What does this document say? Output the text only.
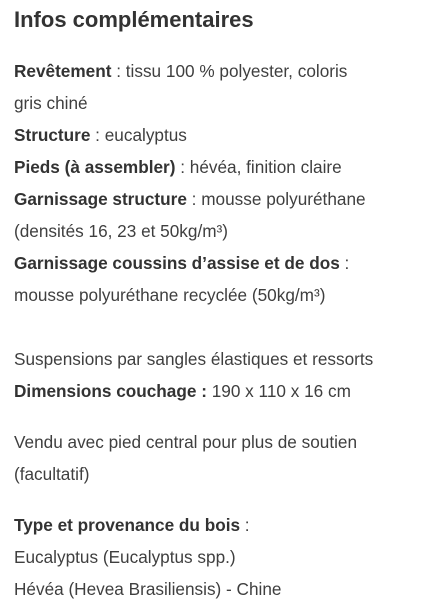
Infos complémentaires

Revêtement : tissu 100 % polyester, coloris
gris chiné
Structure : eucalyptus
Pieds (à assembler) : hévéa, finition claire
Garnissage structure : mousse polyuréthane
(densités 16, 23 et 50kg/m³)
Garnissage coussins d’assise et de dos :
mousse polyuréthane recyclée (50kg/m³)

Suspensions par sangles élastiques et ressorts
Dimensions couchage : 190 x 110 x 16 cm

Vendu avec pied central pour plus de soutien
(facultatif)

Type et provenance du bois :
Eucalyptus (Eucalyptus spp.)
Hévéa (Hevea Brasiliensis) - Chine
